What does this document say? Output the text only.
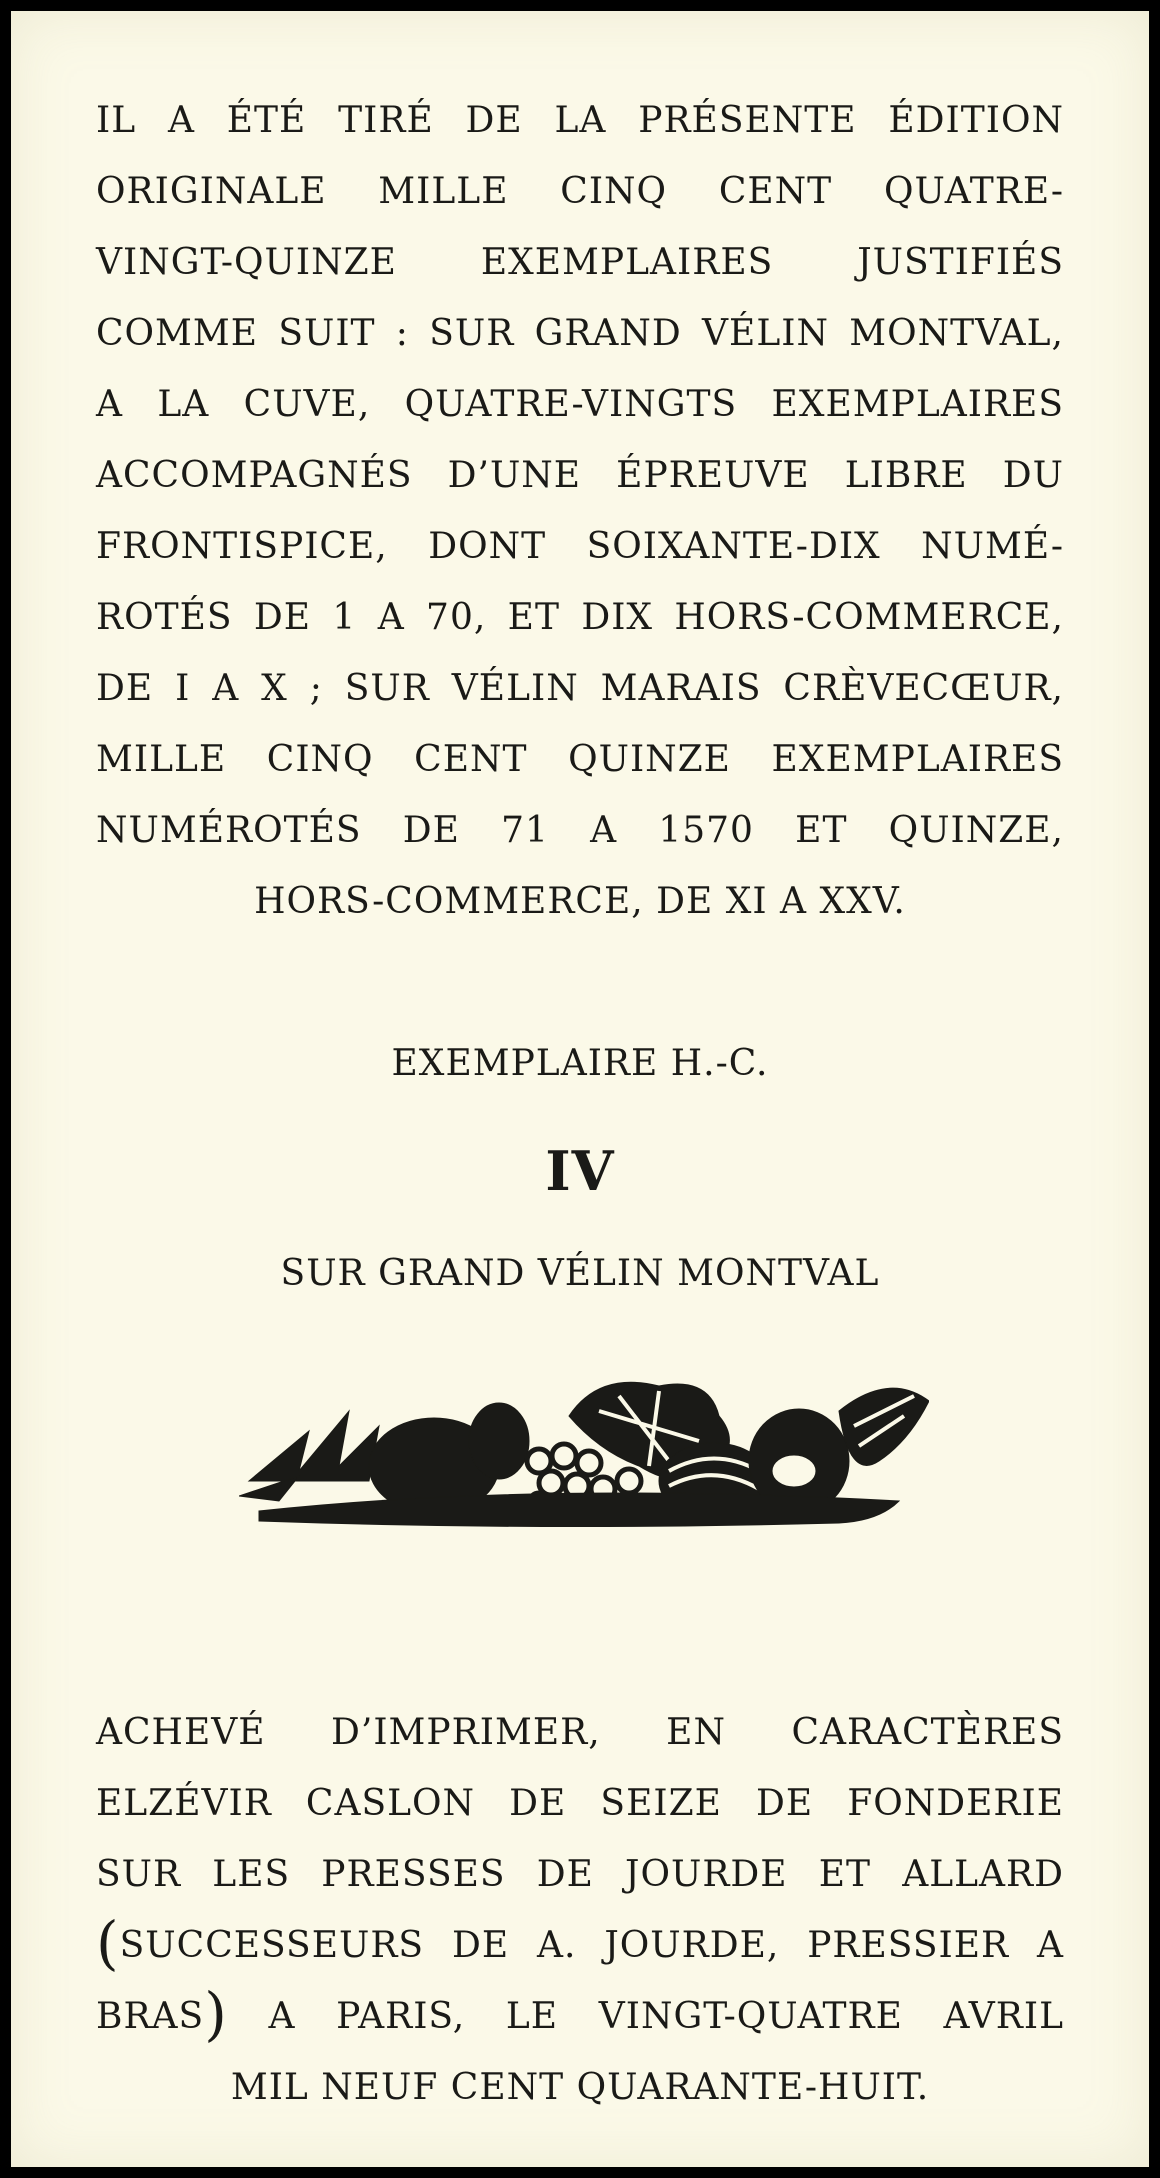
IL A ÉTÉ TIRÉ DE LA PRÉSENTE ÉDITION
ORIGINALE MILLE CINQ CENT QUATRE-
VINGT-QUINZE EXEMPLAIRES JUSTIFIÉS
COMME SUIT : SUR GRAND VÉLIN MONTVAL,
A LA CUVE, QUATRE-VINGTS EXEMPLAIRES
ACCOMPAGNÉS D’UNE ÉPREUVE LIBRE DU
FRONTISPICE, DONT SOIXANTE-DIX NUMÉ-
ROTÉS DE 1 A 70, ET DIX HORS-COMMERCE,
DE I A X ; SUR VÉLIN MARAIS CRÈVECŒUR,
MILLE CINQ CENT QUINZE EXEMPLAIRES
NUMÉROTÉS DE 71 A 1570 ET QUINZE,
HORS-COMMERCE, DE XI A XXV.
EXEMPLAIRE H.-C.
IV
SUR GRAND VÉLIN MONTVAL
ACHEVÉ D’IMPRIMER, EN CARACTÈRES
ELZÉVIR CASLON DE SEIZE DE FONDERIE
SUR LES PRESSES DE JOURDE ET ALLARD
(SUCCESSEURS DE A. JOURDE, PRESSIER A
BRAS) A PARIS, LE VINGT-QUATRE AVRIL
MIL NEUF CENT QUARANTE-HUIT.
